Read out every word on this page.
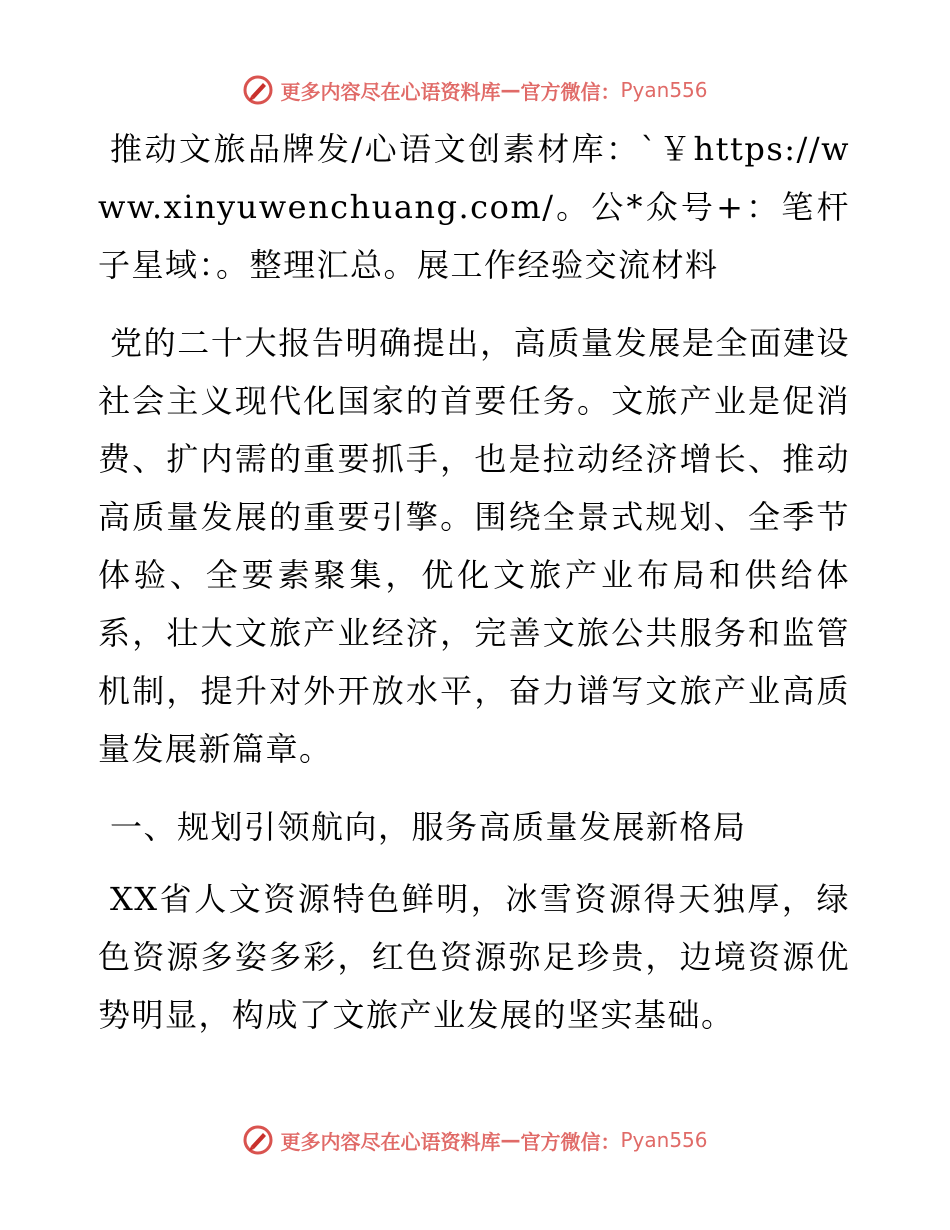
更多内容尽在心语资料库 — 官方微信： Pyan556

推动文旅品牌发/心语文创素材库：`￥https://www.xinyuwenchuang.com/。公*众号+：笔杆子星域：。整理汇总。展工作经验交流材料

党的二十大报告明确提出，高质量发展是全面建设社会主义现代化国家的首要任务。文旅产业是促消费、扩内需的重要抓手，也是拉动经济增长、推动高质量发展的重要引擎。围绕全景式规划、全季节体验、全要素聚集，优化文旅产业布局和供给体系，壮大文旅产业经济，完善文旅公共服务和监管机制，提升对外开放水平，奋力谱写文旅产业高质量发展新篇章。

一、规划引领航向，服务高质量发展新格局

XX省人文资源特色鲜明，冰雪资源得天独厚，绿色资源多姿多彩，红色资源弥足珍贵，边境资源优势明显，构成了文旅产业发展的坚实基础。

更多内容尽在心语资料库 — 官方微信： Pyan556
